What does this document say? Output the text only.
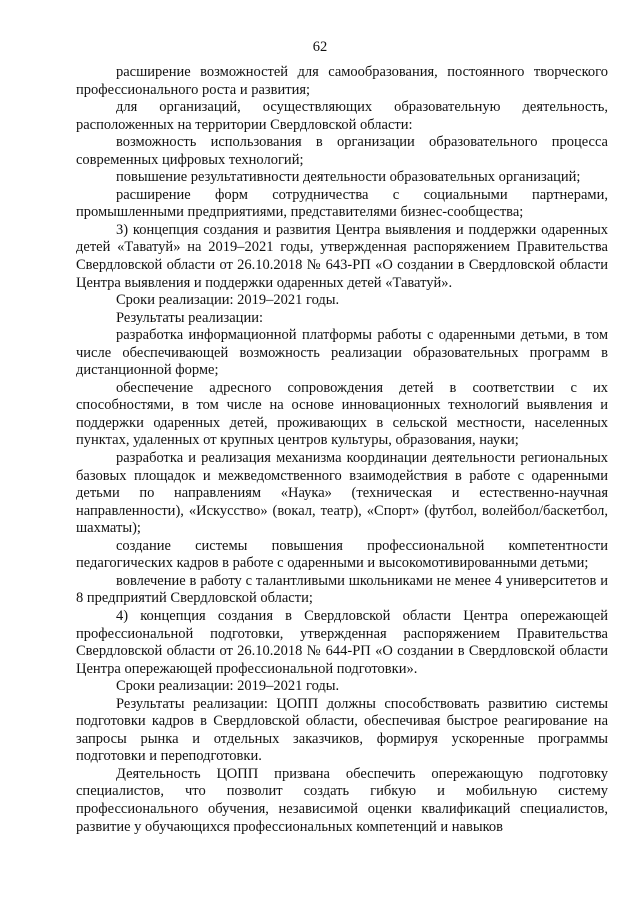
62

расширение возможностей для самообразования, постоянного творческого профессионального роста и развития;

для организаций, осуществляющих образовательную деятельность, расположенных на территории Свердловской области:

возможность использования в организации образовательного процесса современных цифровых технологий;

повышение результативности деятельности образовательных организаций;

расширение форм сотрудничества с социальными партнерами, промышленными предприятиями, представителями бизнес-сообщества;

3) концепция создания и развития Центра выявления и поддержки одаренных детей «Таватуй» на 2019–2021 годы, утвержденная распоряжением Правительства Свердловской области от 26.10.2018 № 643-РП «О создании в Свердловской области Центра выявления и поддержки одаренных детей «Таватуй».

Сроки реализации: 2019–2021 годы.

Результаты реализации:

разработка информационной платформы работы с одаренными детьми, в том числе обеспечивающей возможность реализации образовательных программ в дистанционной форме;

обеспечение адресного сопровождения детей в соответствии с их способностями, в том числе на основе инновационных технологий выявления и поддержки одаренных детей, проживающих в сельской местности, населенных пунктах, удаленных от крупных центров культуры, образования, науки;

разработка и реализация механизма координации деятельности региональных базовых площадок и межведомственного взаимодействия в работе с одаренными детьми по направлениям «Наука» (техническая и естественно-научная направленности), «Искусство» (вокал, театр), «Спорт» (футбол, волейбол/баскетбол, шахматы);

создание системы повышения профессиональной компетентности педагогических кадров в работе с одаренными и высокомотивированными детьми;

вовлечение в работу с талантливыми школьниками не менее 4 университетов и 8 предприятий Свердловской области;

4) концепция создания в Свердловской области Центра опережающей профессиональной подготовки, утвержденная распоряжением Правительства Свердловской области от 26.10.2018 № 644-РП «О создании в Свердловской области Центра опережающей профессиональной подготовки».

Сроки реализации: 2019–2021 годы.

Результаты реализации: ЦОПП должны способствовать развитию системы подготовки кадров в Свердловской области, обеспечивая быстрое реагирование на запросы рынка и отдельных заказчиков, формируя ускоренные программы подготовки и переподготовки.

Деятельность ЦОПП призвана обеспечить опережающую подготовку специалистов, что позволит создать гибкую и мобильную систему профессионального обучения, независимой оценки квалификаций специалистов, развитие у обучающихся профессиональных компетенций и навыков
